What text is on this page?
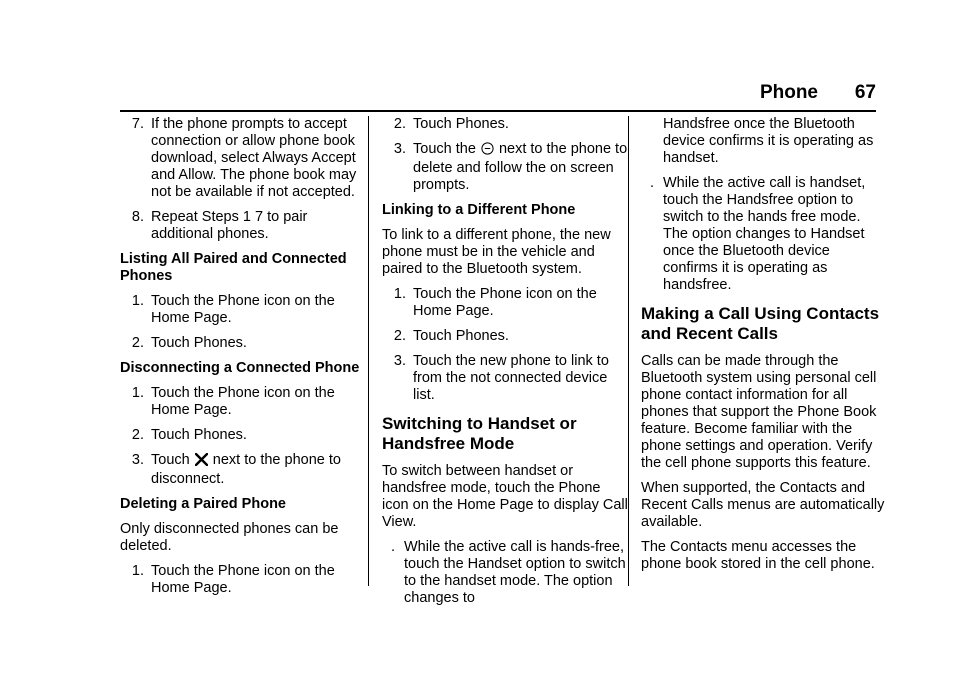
Phone 67
7. If the phone prompts to accept connection or allow phone book download, select Always Accept and Allow. The phone book may not be available if not accepted.
8. Repeat Steps 1 7 to pair additional phones.
Listing All Paired and Connected Phones
1. Touch the Phone icon on the Home Page.
2. Touch Phones.
Disconnecting a Connected Phone
1. Touch the Phone icon on the Home Page.
2. Touch Phones.
3. Touch next to the phone to disconnect.
Deleting a Paired Phone

Only disconnected phones can be deleted.

1. Touch the Phone icon on the Home Page.
2. Touch Phones.
3. Touch the next to the phone to delete and follow the on screen prompts.
Linking to a Different Phone

To link to a different phone, the new phone must be in the vehicle and paired to the Bluetooth system.

1. Touch the Phone icon on the Home Page.
2. Touch Phones.
3. Touch the new phone to link to from the not connected device list.
Switching to Handset or Handsfree Mode

To switch between handset or handsfree mode, touch the Phone icon on the Home Page to display Call View.

. While the active call is hands-free, touch the Handset option to switch to the handset mode. The option changes to
Handsfree once the Bluetooth device confirms it is operating as handset.
. While the active call is handset, touch the Handsfree option to switch to the hands free mode. The option changes to Handset once the Bluetooth device confirms it is operating as handsfree.
Making a Call Using Contacts and Recent Calls

Calls can be made through the Bluetooth system using personal cell phone contact information for all phones that support the Phone Book feature. Become familiar with the phone settings and operation. Verify the cell phone supports this feature.

When supported, the Contacts and Recent Calls menus are automatically available.

The Contacts menu accesses the phone book stored in the cell phone.
